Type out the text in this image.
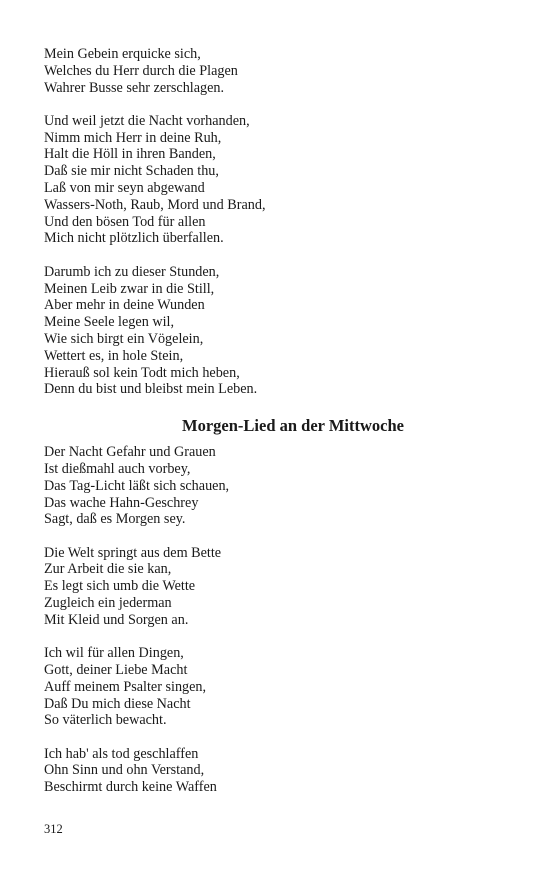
Mein Gebein erquicke sich,
Welches du Herr durch die Plagen
Wahrer Busse sehr zerschlagen.
Und weil jetzt die Nacht vorhanden,
Nimm mich Herr in deine Ruh,
Halt die Höll in ihren Banden,
Daß sie mir nicht Schaden thu,
Laß von mir seyn abgewand
Wassers-Noth, Raub, Mord und Brand,
Und den bösen Tod für allen
Mich nicht plötzlich überfallen.
Darumb ich zu dieser Stunden,
Meinen Leib zwar in die Still,
Aber mehr in deine Wunden
Meine Seele legen wil,
Wie sich birgt ein Vögelein,
Wettert es, in hole Stein,
Hierauß sol kein Todt mich heben,
Denn du bist und bleibst mein Leben.
Morgen-Lied an der Mittwoche
Der Nacht Gefahr und Grauen
Ist dießmahl auch vorbey,
Das Tag-Licht läßt sich schauen,
Das wache Hahn-Geschrey
Sagt, daß es Morgen sey.
Die Welt springt aus dem Bette
Zur Arbeit die sie kan,
Es legt sich umb die Wette
Zugleich ein jederman
Mit Kleid und Sorgen an.
Ich wil für allen Dingen,
Gott, deiner Liebe Macht
Auff meinem Psalter singen,
Daß Du mich diese Nacht
So väterlich bewacht.
Ich hab' als tod geschlaffen
Ohn Sinn und ohn Verstand,
Beschirmt durch keine Waffen
312
